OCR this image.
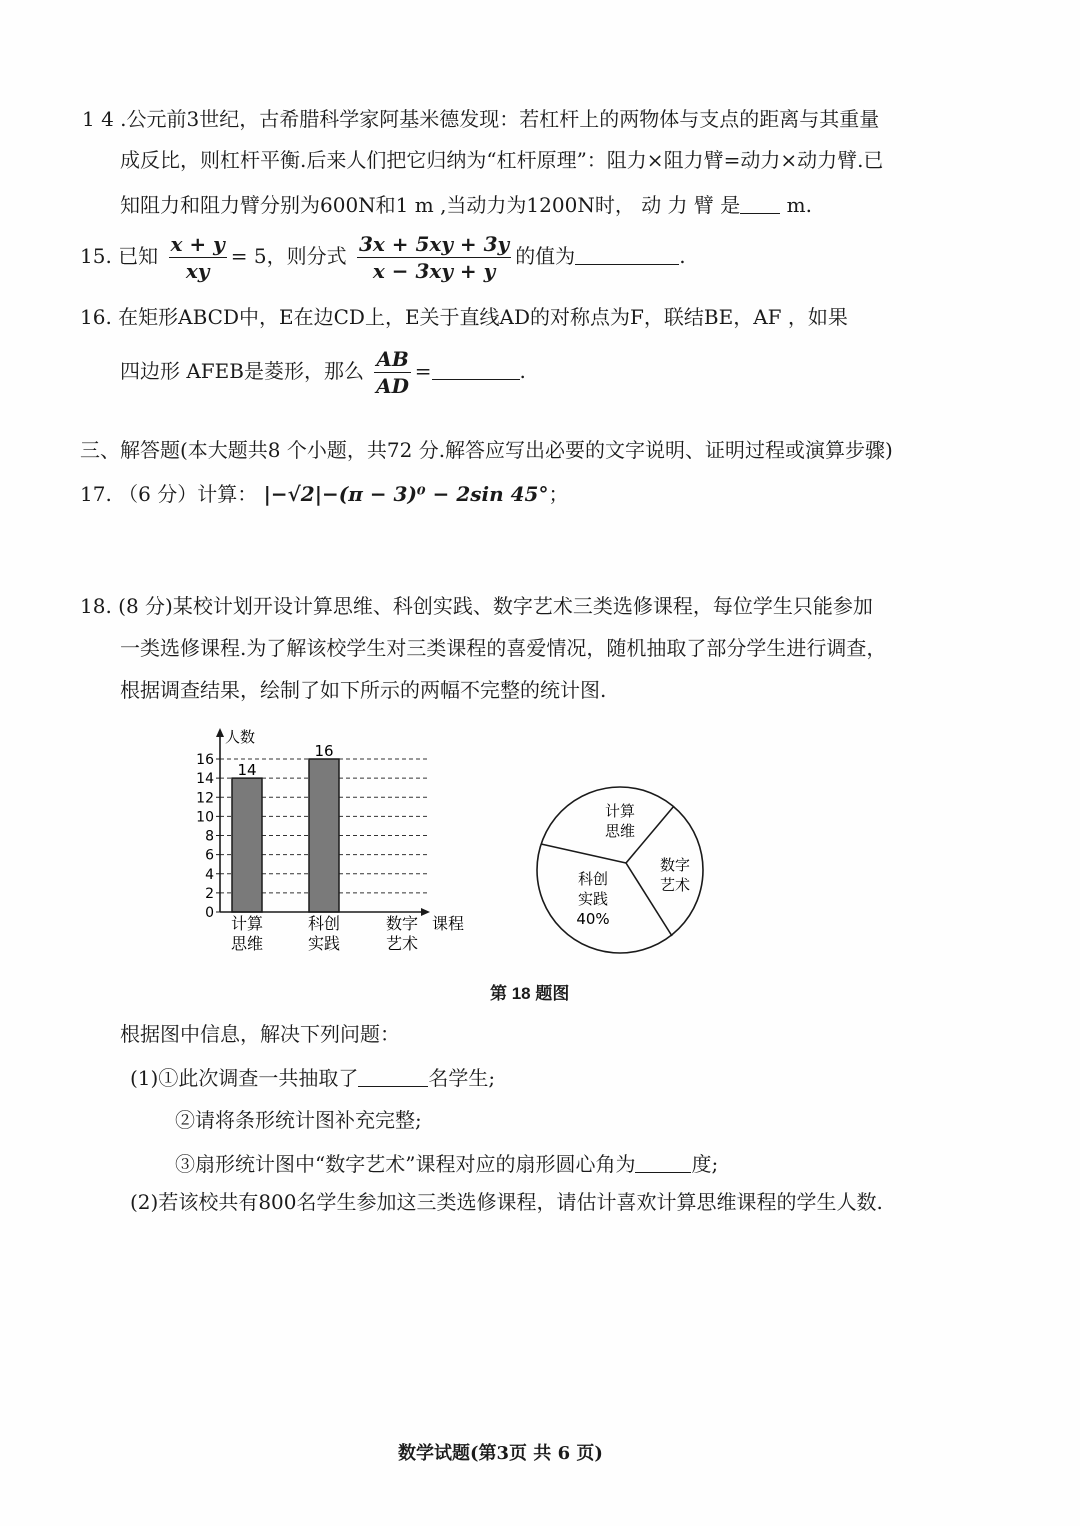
1 4 .公元前3世纪，古希腊科学家阿基米德发现：若杠杆上的两物体与支点的距离与其重量
成反比，则杠杆平衡.后来人们把它归纳为“杠杆原理”：阻力×阻力臂=动力×动力臂.已
知阻力和阻力臂分别为600N和1 m ,当动力为1200N时， 动 力 臂 是 m.
15. 已知 $\frac{x + y}{xy} = 5$，则分式 $\frac{3x + 5xy + 3y}{x - 3xy + y}$ 的值为	.
16. 在矩形ABCD中，E在边CD上，E关于直线AD的对称点为F，联结BE，AF ，如果
四边形 AFEB是菱形，那么 $\frac{AB}{AD}$ =	.
三、解答题(本大题共8 个小题，共72 分.解答应写出必要的文字说明、证明过程或演算步骤)
17. （6 分）计算： |−√2|−(π − 3)⁰ − 2sin 45°；
18. (8 分)某校计划开设计算思维、科创实践、数字艺术三类选修课程，每位学生只能参加
一类选修课程.为了解该校学生对三类课程的喜爱情况，随机抽取了部分学生进行调查，
根据调查结果，绘制了如下所示的两幅不完整的统计图.
14
16
0
2
4
6
8
10
12
14
16
计算
思维
科创
实践
数字
艺术
人数
课程
计算
思维
数字
艺术
科创
实践
40%
第 18 题图
根据图中信息，解决下列问题：
(1)①此次调查一共抽取了	名学生;
②请将条形统计图补充完整;
③扇形统计图中“数字艺术”课程对应的扇形圆心角为	度;
(2)若该校共有800名学生参加这三类选修课程，请估计喜欢计算思维课程的学生人数.
数学试题(第3页 共 6 页)
